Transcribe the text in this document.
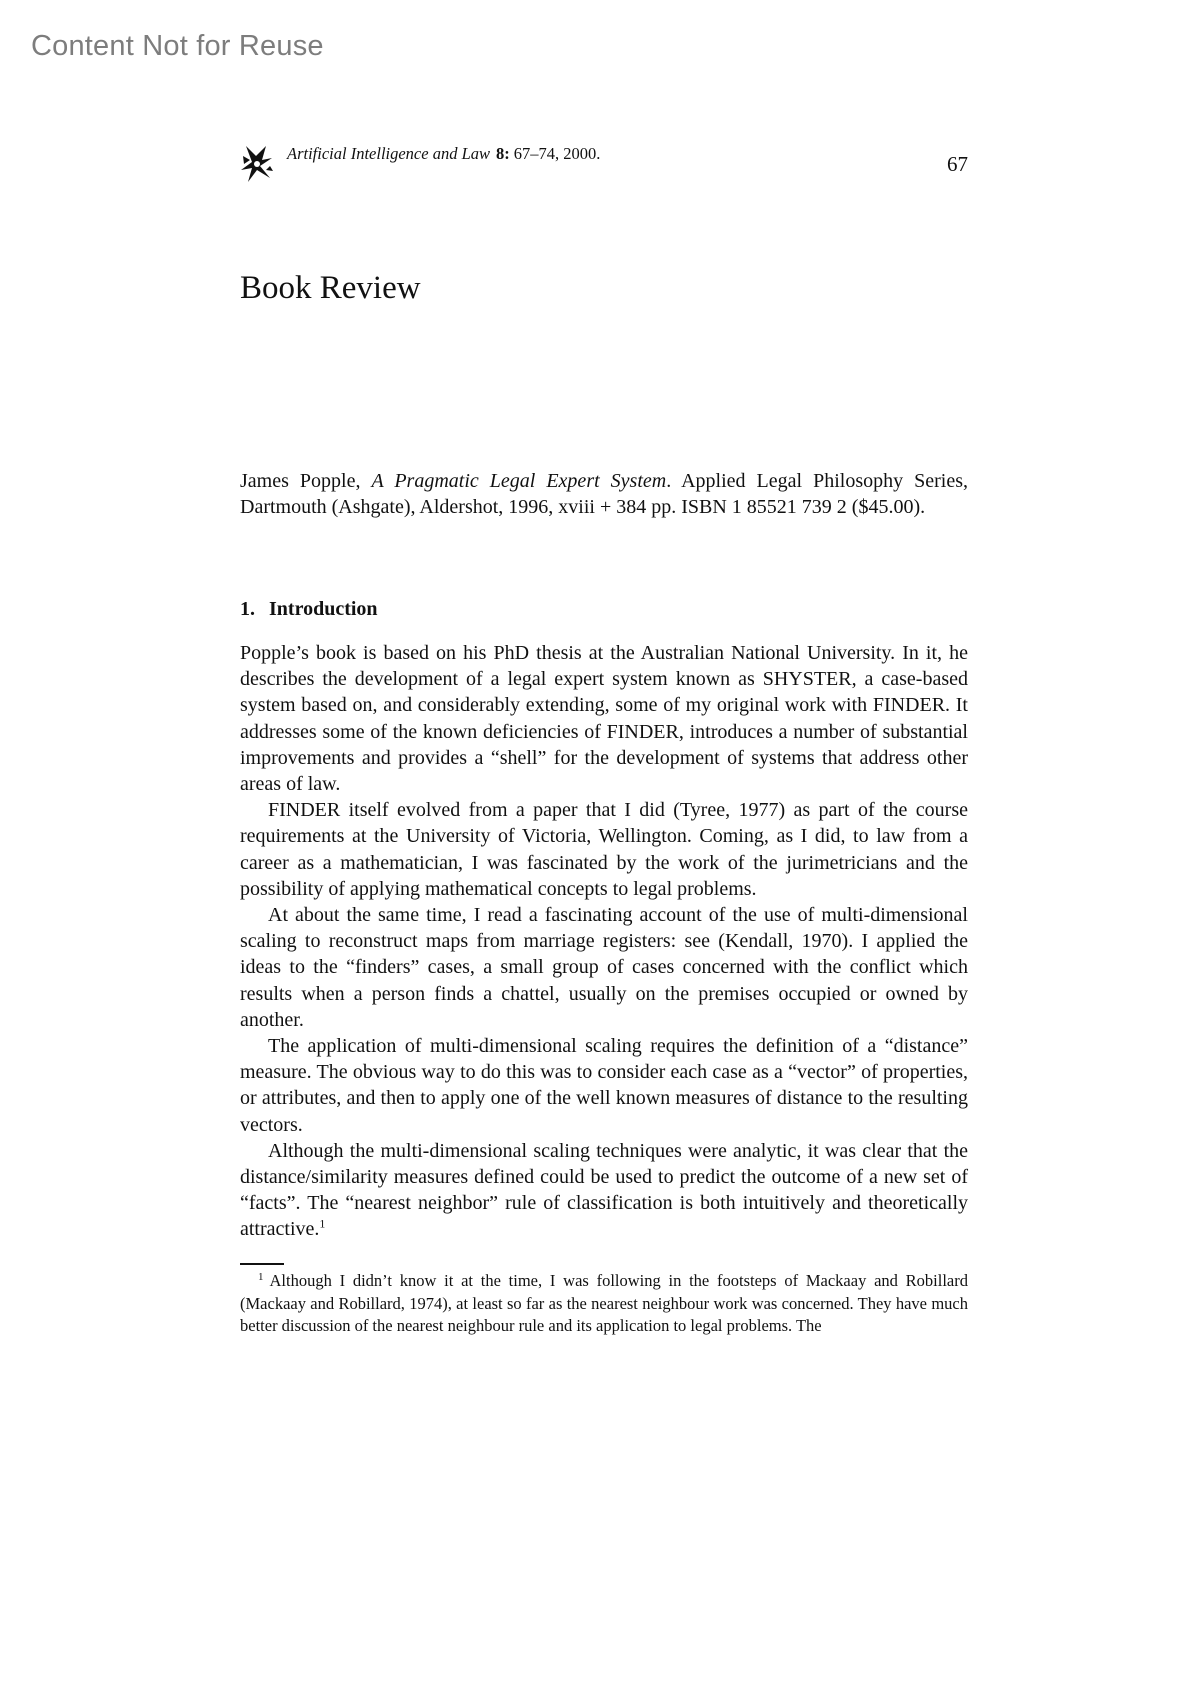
Content Not for Reuse
Artificial Intelligence and Law 8: 67–74, 2000.	67
Book Review

James Popple, A Pragmatic Legal Expert System. Applied Legal Philosophy Series, Dartmouth (Ashgate), Aldershot, 1996, xviii + 384 pp. ISBN 1 85521 739 2 ($45.00).

1. Introduction

Popple’s book is based on his PhD thesis at the Australian National University. In it, he describes the development of a legal expert system known as SHYSTER, a case-based system based on, and considerably extending, some of my original work with FINDER. It addresses some of the known deficiencies of FINDER, introduces a number of substantial improvements and provides a “shell” for the development of systems that address other areas of law.

FINDER itself evolved from a paper that I did (Tyree, 1977) as part of the course requirements at the University of Victoria, Wellington. Coming, as I did, to law from a career as a mathematician, I was fascinated by the work of the jurimetricians and the possibility of applying mathematical concepts to legal problems.

At about the same time, I read a fascinating account of the use of multi-dimensional scaling to reconstruct maps from marriage registers: see (Kendall, 1970). I applied the ideas to the “finders” cases, a small group of cases concerned with the conflict which results when a person finds a chattel, usually on the premises occupied or owned by another.

The application of multi-dimensional scaling requires the definition of a “distance” measure. The obvious way to do this was to consider each case as a “vector” of properties, or attributes, and then to apply one of the well known measures of distance to the resulting vectors.

Although the multi-dimensional scaling techniques were analytic, it was clear that the distance/similarity measures defined could be used to predict the outcome of a new set of “facts”. The “nearest neighbor” rule of classification is both intuitively and theoretically attractive.$^1$

$^1$ Although I didn’t know it at the time, I was following in the footsteps of Mackaay and Robillard (Mackaay and Robillard, 1974), at least so far as the nearest neighbour work was concerned. They have much better discussion of the nearest neighbour rule and its application to legal problems. The
